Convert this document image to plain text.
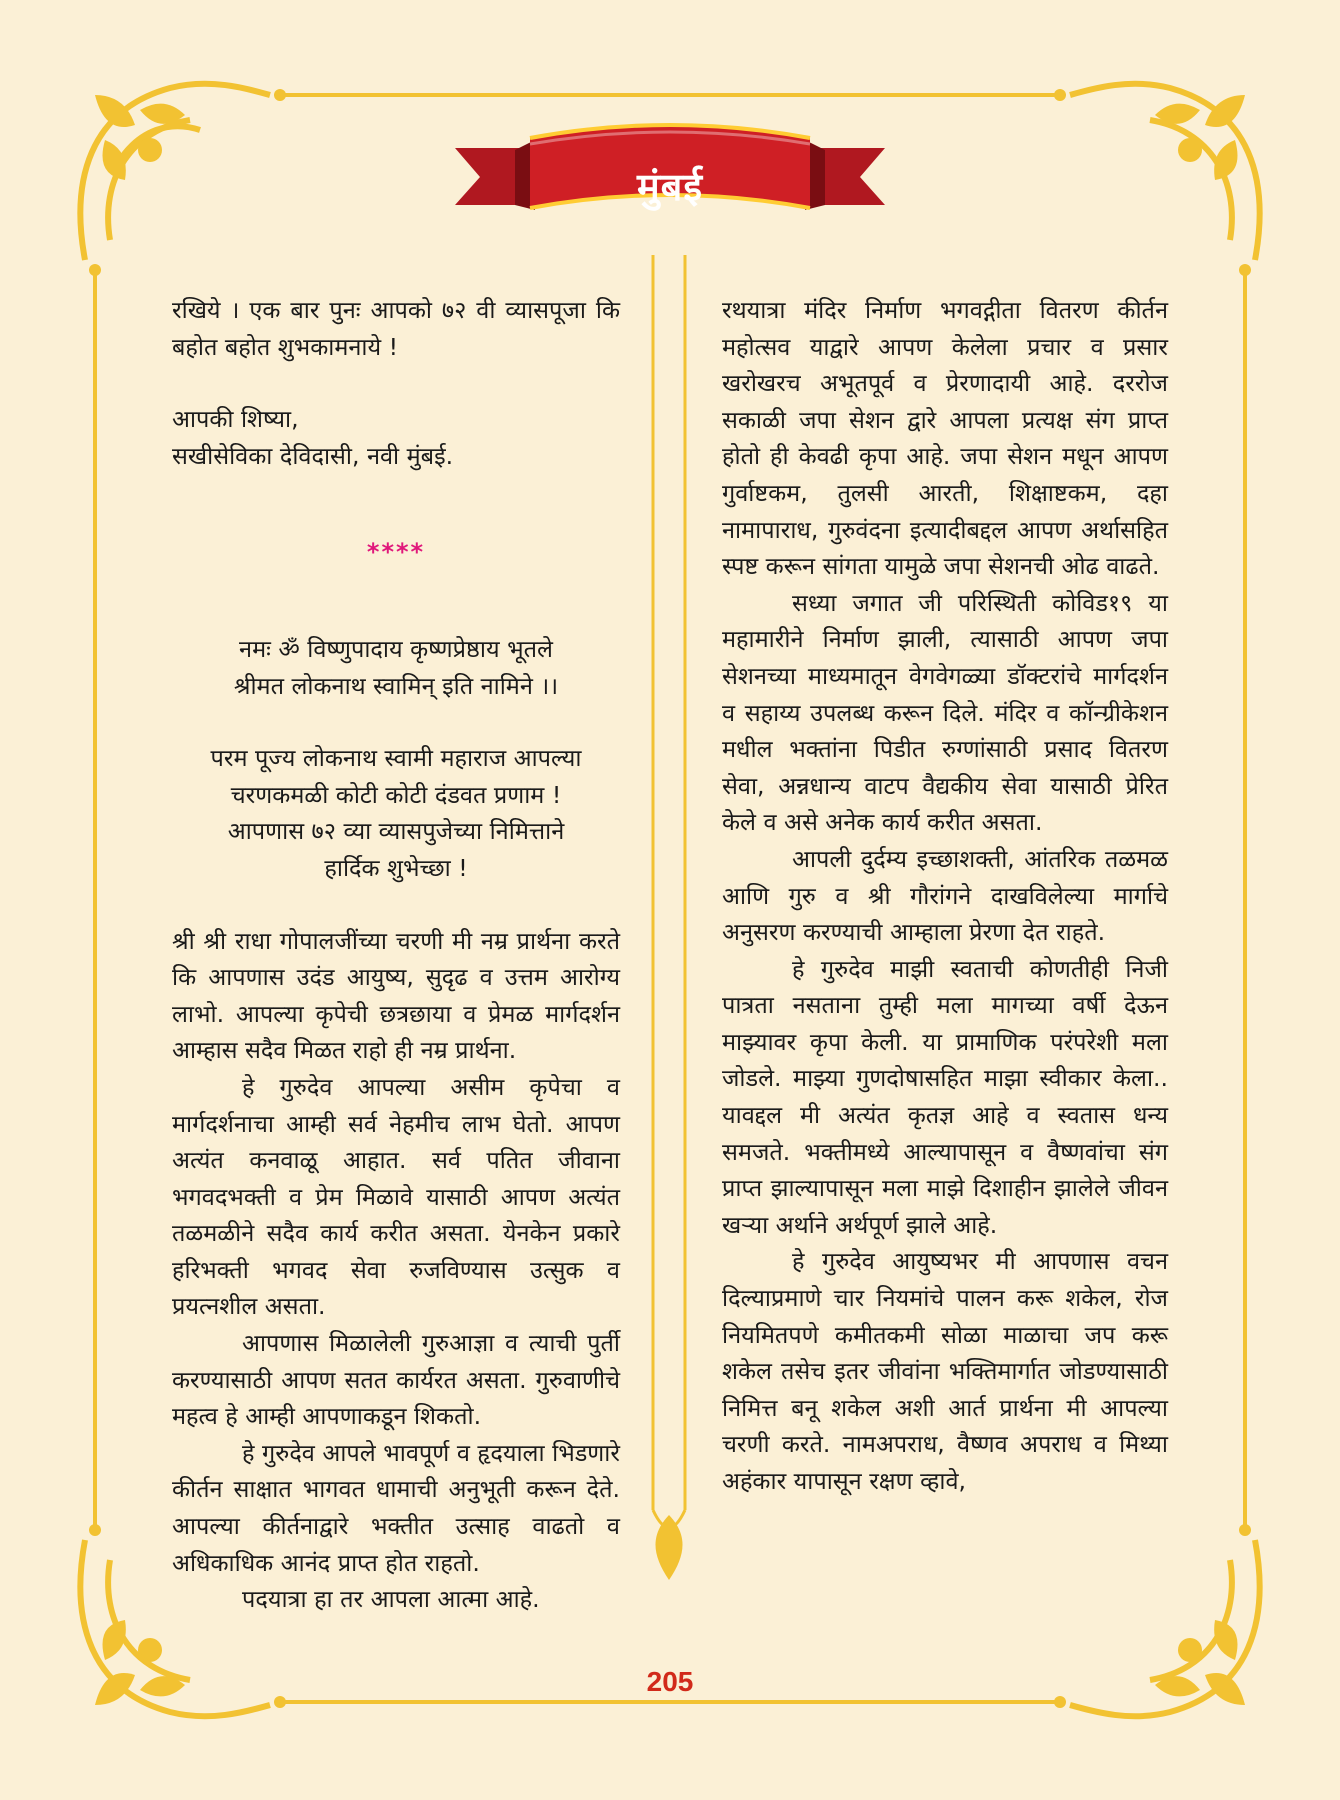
मुंबई

रखिये । एक बार पुनः आपको ७२ वी व्यासपूजा कि बहोत बहोत शुभकामनाये !

आपकी शिष्या,
सखीसेविका देविदासी, नवी मुंबई.

****

नमः ॐ विष्णुपादाय कृष्णप्रेष्ठाय भूतले
श्रीमत लोकनाथ स्वामिन् इति नामिने ।।

परम पूज्य लोकनाथ स्वामी महाराज आपल्या
चरणकमळी कोटी कोटी दंडवत प्रणाम !
आपणास ७२ व्या व्यासपुजेच्या निमित्ताने
हार्दिक शुभेच्छा !

श्री श्री राधा गोपालजींच्या चरणी मी नम्र प्रार्थना करते कि आपणास उदंड आयुष्य, सुदृढ व उत्तम आरोग्य लाभो. आपल्या कृपेची छत्रछाया व प्रेमळ मार्गदर्शन आम्हास सदैव मिळत राहो ही नम्र प्रार्थना.

हे गुरुदेव आपल्या असीम कृपेचा व मार्गदर्शनाचा आम्ही सर्व नेहमीच लाभ घेतो. आपण अत्यंत कनवाळू आहात. सर्व पतित जीवाना भगवदभक्ती व प्रेम मिळावे यासाठी आपण अत्यंत तळमळीने सदैव कार्य करीत असता. येनकेन प्रकारे हरिभक्ती भगवद सेवा रुजविण्यास उत्सुक व प्रयत्नशील असता.

आपणास मिळालेली गुरुआज्ञा व त्याची पुर्ती करण्यासाठी आपण सतत कार्यरत असता. गुरुवाणीचे महत्व हे आम्ही आपणाकडून शिकतो.

हे गुरुदेव आपले भावपूर्ण व हृदयाला भिडणारे कीर्तन साक्षात भागवत धामाची अनुभूती करून देते. आपल्या कीर्तनाद्वारे भक्तीत उत्साह वाढतो व अधिकाधिक आनंद प्राप्त होत राहतो.

पदयात्रा हा तर आपला आत्मा आहे.

रथयात्रा मंदिर निर्माण भगवद्गीता वितरण कीर्तन महोत्सव याद्वारे आपण केलेला प्रचार व प्रसार खरोखरच अभूतपूर्व व प्रेरणादायी आहे. दररोज सकाळी जपा सेशन द्वारे आपला प्रत्यक्ष संग प्राप्त होतो ही केवढी कृपा आहे. जपा सेशन मधून आपण गुर्वाष्टकम, तुलसी आरती, शिक्षाष्टकम, दहा नामापाराध, गुरुवंदना इत्यादीबद्दल आपण अर्थासहित स्पष्ट करून सांगता यामुळे जपा सेशनची ओढ वाढते.

सध्या जगात जी परिस्थिती कोविड१९ या महामारीने निर्माण झाली, त्यासाठी आपण जपा सेशनच्या माध्यमातून वेगवेगळ्या डॉक्टरांचे मार्गदर्शन व सहाय्य उपलब्ध करून दिले. मंदिर व कॉन्ग्रीकेशन मधील भक्तांना पिडीत रुग्णांसाठी प्रसाद वितरण सेवा, अन्नधान्य वाटप वैद्यकीय सेवा यासाठी प्रेरित केले व असे अनेक कार्य करीत असता.

आपली दुर्दम्य इच्छाशक्ती, आंतरिक तळमळ आणि गुरु व श्री गौरांगने दाखविलेल्या मार्गाचे अनुसरण करण्याची आम्हाला प्रेरणा देत राहते.

हे गुरुदेव माझी स्वताची कोणतीही निजी पात्रता नसताना तुम्ही मला मागच्या वर्षी देऊन माझ्यावर कृपा केली. या प्रामाणिक परंपरेशी मला जोडले. माझ्या गुणदोषासहित माझा स्वीकार केला.. यावद्दल मी अत्यंत कृतज्ञ आहे व स्वतास धन्य समजते. भक्तीमध्ये आल्यापासून व वैष्णवांचा संग प्राप्त झाल्यापासून मला माझे दिशाहीन झालेले जीवन खऱ्या अर्थाने अर्थपूर्ण झाले आहे.

हे गुरुदेव आयुष्यभर मी आपणास वचन दिल्याप्रमाणे चार नियमांचे पालन करू शकेल, रोज नियमितपणे कमीतकमी सोळा माळाचा जप करू शकेल तसेच इतर जीवांना भक्तिमार्गात जोडण्यासाठी निमित्त बनू शकेल अशी आर्त प्रार्थना मी आपल्या चरणी करते. नामअपराध, वैष्णव अपराध व मिथ्या अहंकार यापासून रक्षण व्हावे,

205
